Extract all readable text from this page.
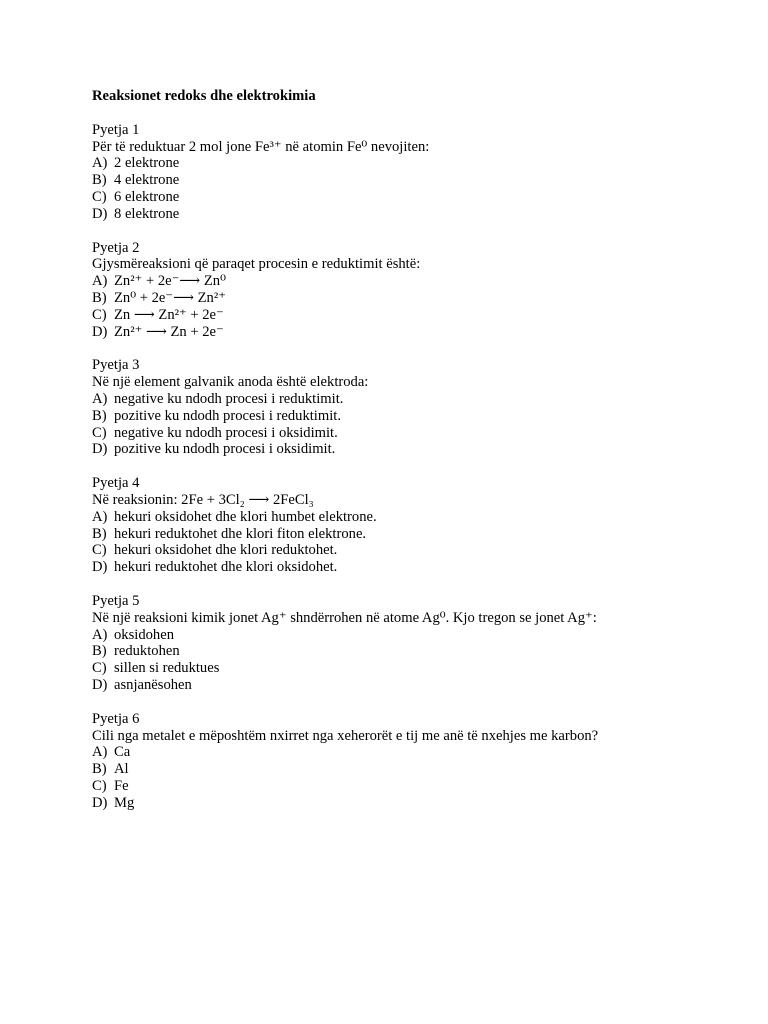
Reaksionet redoks dhe elektrokimia
Pyetja 1
Për të reduktuar 2 mol jone Fe³⁺ në atomin Fe⁰ nevojiten:
A) 2 elektrone
B) 4 elektrone
C) 6 elektrone
D) 8 elektrone
Pyetja 2
Gjysmëreaksioni që paraqet procesin e reduktimit është:
A) Zn²⁺ + 2e⁻⟶ Zn⁰
B) Zn⁰ + 2e⁻⟶ Zn²⁺
C) Zn ⟶ Zn²⁺ + 2e⁻
D) Zn²⁺ ⟶ Zn + 2e⁻
Pyetja 3
Në një element galvanik anoda është elektroda:
A) negative ku ndodh procesi i reduktimit.
B) pozitive ku ndodh procesi i reduktimit.
C) negative ku ndodh procesi i oksidimit.
D) pozitive ku ndodh procesi i oksidimit.
Pyetja 4
Në reaksionin: 2Fe + 3Cl₂ ⟶ 2FeCl₃
A) hekuri oksidohet dhe klori humbet elektrone.
B) hekuri reduktohet dhe klori fiton elektrone.
C) hekuri oksidohet dhe klori reduktohet.
D) hekuri reduktohet dhe klori oksidohet.
Pyetja 5
Në një reaksioni kimik jonet Ag⁺ shndërrohen në atome Ag⁰. Kjo tregon se jonet Ag⁺:
A) oksidohen
B) reduktohen
C) sillen si reduktues
D) asnjanësohen
Pyetja 6
Cili nga metalet e mëposhtëm nxirret nga xeherorët e tij me anë të nxehjes me karbon?
A) Ca
B) Al
C) Fe
D) Mg
